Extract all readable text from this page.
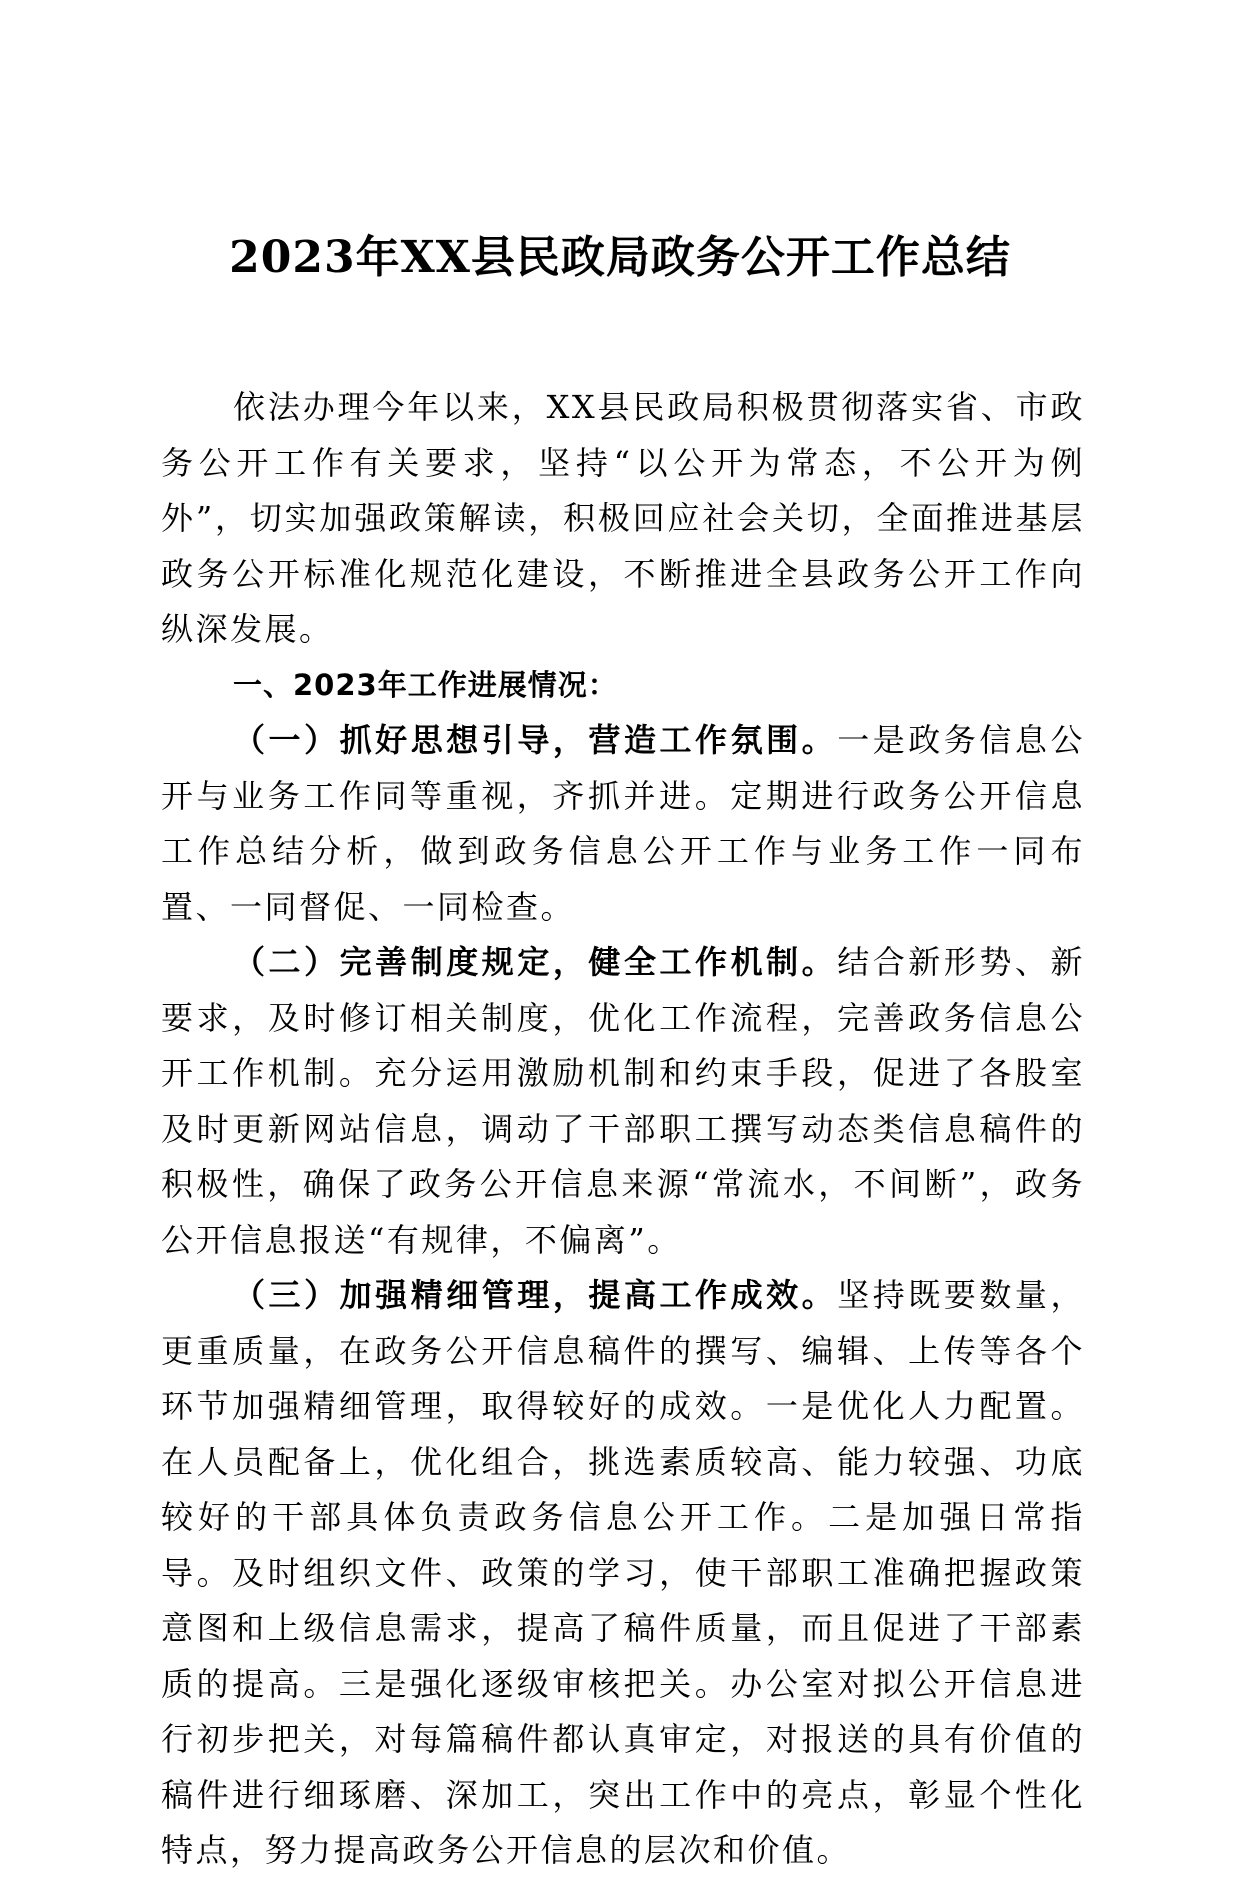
2023年XX县民政局政务公开工作总结

依法办理今年以来，XX县民政局积极贯彻落实省、市政务公开工作有关要求，坚持“以公开为常态，不公开为例外”，切实加强政策解读，积极回应社会关切，全面推进基层政务公开标准化规范化建设，不断推进全县政务公开工作向纵深发展。

一、2023年工作进展情况：

（一）抓好思想引导，营造工作氛围。一是政务信息公开与业务工作同等重视，齐抓并进。定期进行政务公开信息工作总结分析，做到政务信息公开工作与业务工作一同布置、一同督促、一同检查。

（二）完善制度规定，健全工作机制。结合新形势、新要求，及时修订相关制度，优化工作流程，完善政务信息公开工作机制。充分运用激励机制和约束手段，促进了各股室及时更新网站信息，调动了干部职工撰写动态类信息稿件的积极性，确保了政务公开信息来源“常流水，不间断”，政务公开信息报送“有规律，不偏离”。

（三）加强精细管理，提高工作成效。坚持既要数量，更重质量，在政务公开信息稿件的撰写、编辑、上传等各个环节加强精细管理，取得较好的成效。一是优化人力配置。在人员配备上，优化组合，挑选素质较高、能力较强、功底较好的干部具体负责政务信息公开工作。二是加强日常指导。及时组织文件、政策的学习，使干部职工准确把握政策意图和上级信息需求，提高了稿件质量，而且促进了干部素质的提高。三是强化逐级审核把关。办公室对拟公开信息进行初步把关，对每篇稿件都认真审定，对报送的具有价值的稿件进行细琢磨、深加工，突出工作中的亮点，彰显个性化特点，努力提高政务公开信息的层次和价值。
